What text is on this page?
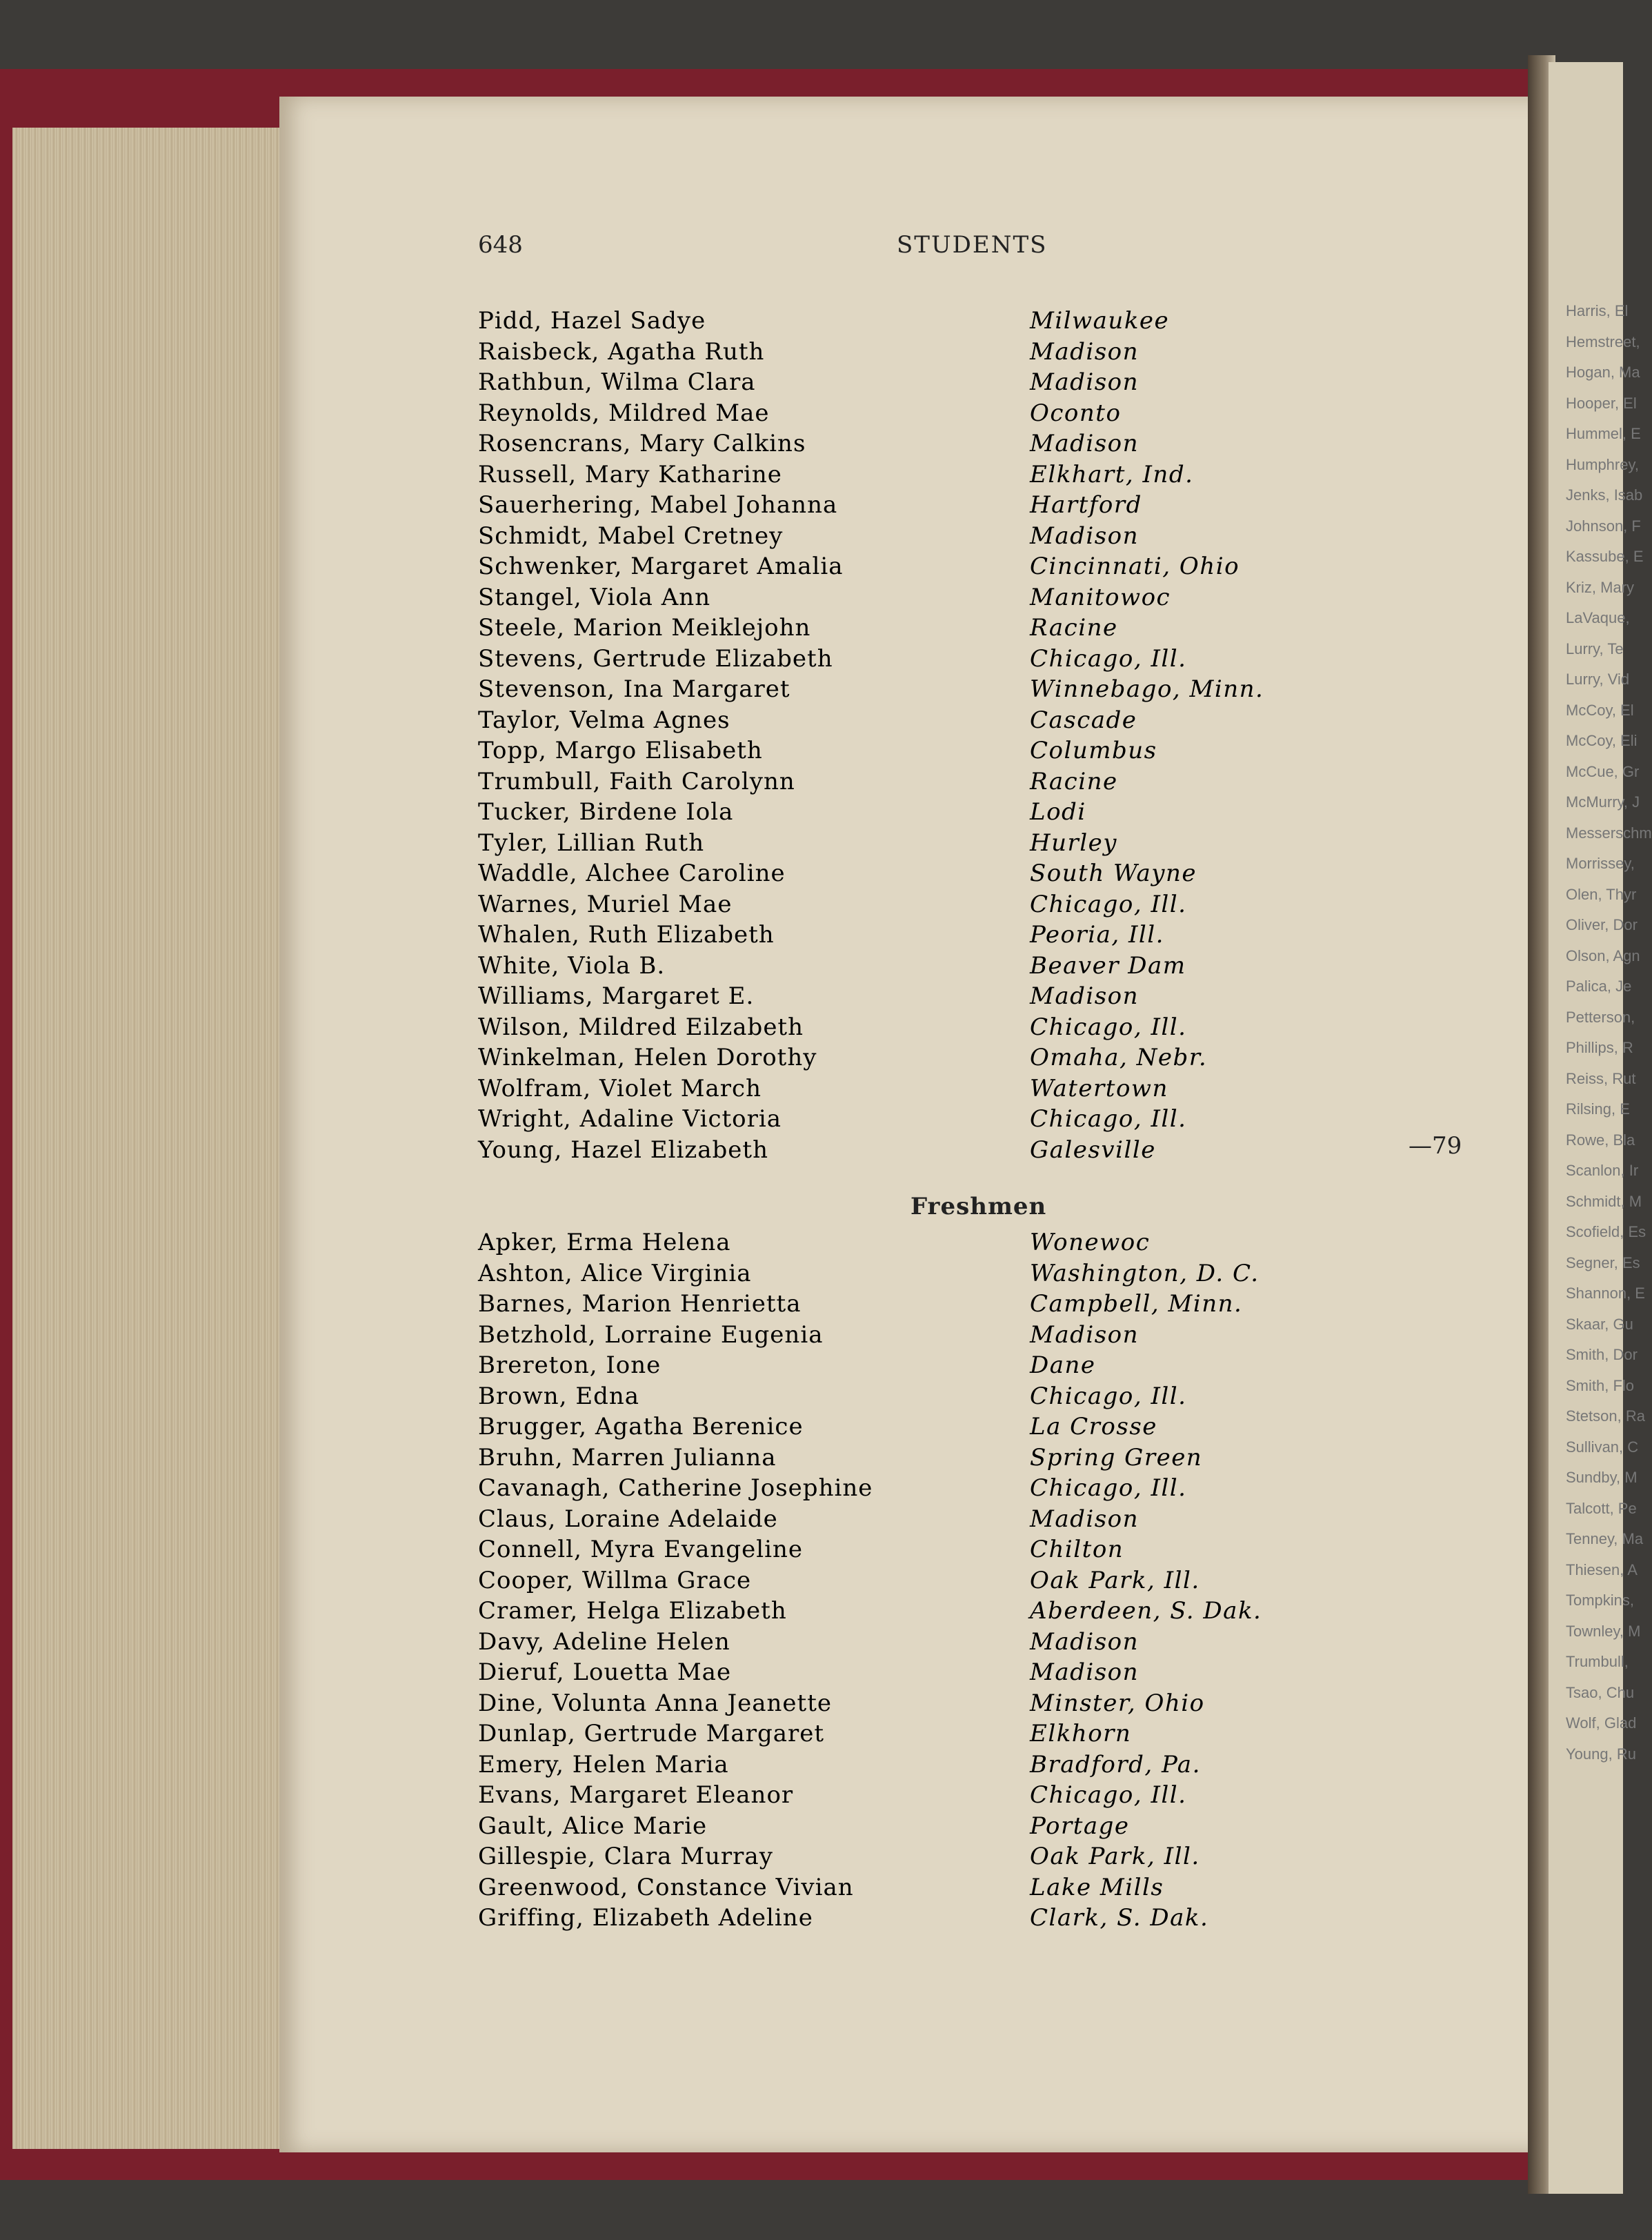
648	STUDENTS
Pidd, Hazel Sadye	Milwaukee
Raisbeck, Agatha Ruth	Madison
Rathbun, Wilma Clara	Madison
Reynolds, Mildred Mae	Oconto
Rosencrans, Mary Calkins	Madison
Russell, Mary Katharine	Elkhart, Ind.
Sauerhering, Mabel Johanna	Hartford
Schmidt, Mabel Cretney	Madison
Schwenker, Margaret Amalia	Cincinnati, Ohio
Stangel, Viola Ann	Manitowoc
Steele, Marion Meiklejohn	Racine
Stevens, Gertrude Elizabeth	Chicago, Ill.
Stevenson, Ina Margaret	Winnebago, Minn.
Taylor, Velma Agnes	Cascade
Topp, Margo Elisabeth	Columbus
Trumbull, Faith Carolynn	Racine
Tucker, Birdene Iola	Lodi
Tyler, Lillian Ruth	Hurley
Waddle, Alchee Caroline	South Wayne
Warnes, Muriel Mae	Chicago, Ill.
Whalen, Ruth Elizabeth	Peoria, Ill.
White, Viola B.	Beaver Dam
Williams, Margaret E.	Madison
Wilson, Mildred Eilzabeth	Chicago, Ill.
Winkelman, Helen Dorothy	Omaha, Nebr.
Wolfram, Violet March	Watertown
Wright, Adaline Victoria	Chicago, Ill.
Young, Hazel Elizabeth	Galesville	—79
Freshmen
Apker, Erma Helena	Wonewoc
Ashton, Alice Virginia	Washington, D. C.
Barnes, Marion Henrietta	Campbell, Minn.
Betzhold, Lorraine Eugenia	Madison
Brereton, Ione	Dane
Brown, Edna	Chicago, Ill.
Brugger, Agatha Berenice	La Crosse
Bruhn, Marren Julianna	Spring Green
Cavanagh, Catherine Josephine	Chicago, Ill.
Claus, Loraine Adelaide	Madison
Connell, Myra Evangeline	Chilton
Cooper, Willma Grace	Oak Park, Ill.
Cramer, Helga Elizabeth	Aberdeen, S. Dak.
Davy, Adeline Helen	Madison
Dieruf, Louetta Mae	Madison
Dine, Volunta Anna Jeanette	Minster, Ohio
Dunlap, Gertrude Margaret	Elkhorn
Emery, Helen Maria	Bradford, Pa.
Evans, Margaret Eleanor	Chicago, Ill.
Gault, Alice Marie	Portage
Gillespie, Clara Murray	Oak Park, Ill.
Greenwood, Constance Vivian	Lake Mills
Griffing, Elizabeth Adeline	Clark, S. Dak.
Harris, El
Hemstreet,
Hogan, Ma
Hooper, El
Hummel, E
Humphrey,
Jenks, Isab
Johnson, F
Kassube, E
Kriz, Mary
LaVaque,
Lurry, Te
Lurry, Vid
McCoy, El
McCoy, Eli
McCue, Gr
McMurry, J
Messerschm
Morrissey,
Olen, Thyr
Oliver, Dor
Olson, Agn
Palica, Je
Petterson,
Phillips, R
Reiss, Rut
Rilsing, E
Rowe, Bla
Scanlon, Ir
Schmidt, M
Scofield, Es
Segner, Es
Shannon, E
Skaar, Gu
Smith, Dor
Smith, Flo
Stetson, Ra
Sullivan, C
Sundby, M
Talcott, Pe
Tenney, Ma
Thiesen, A
Tompkins,
Townley, M
Trumbull,
Tsao, Chu
Wolf, Glad
Young, Ru
